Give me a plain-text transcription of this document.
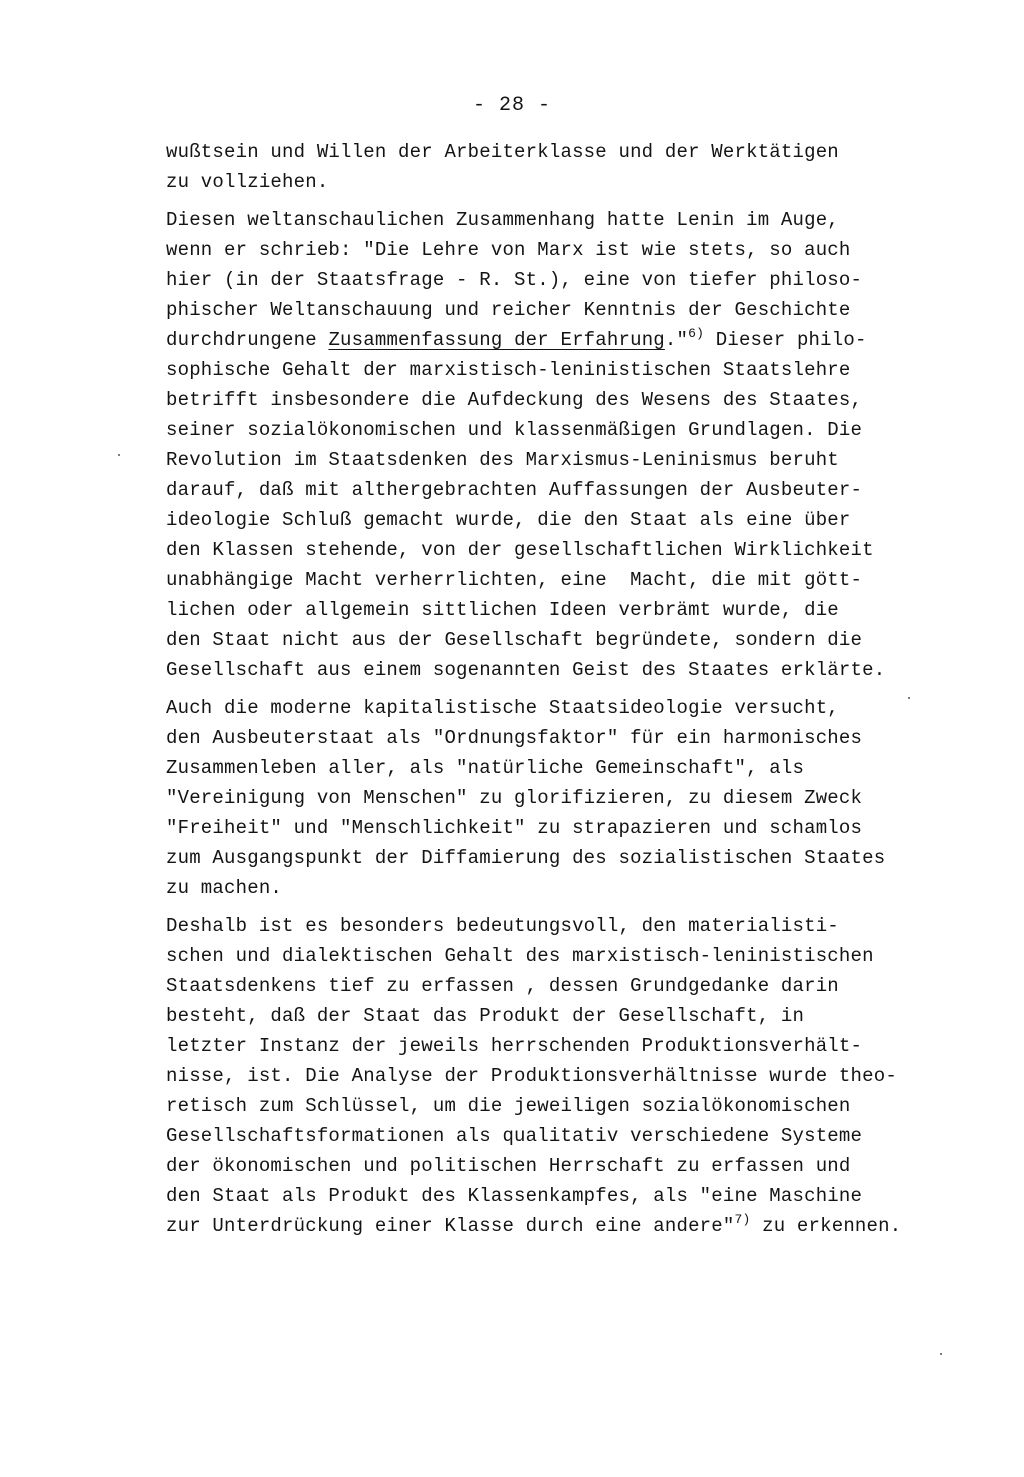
- 28 -

wußtsein und Willen der Arbeiterklasse und der Werktätigen
zu vollziehen.
Diesen weltanschaulichen Zusammenhang hatte Lenin im Auge,
wenn er schrieb: "Die Lehre von Marx ist wie stets, so auch
hier (in der Staatsfrage - R. St.), eine von tiefer philoso-
phischer Weltanschauung und reicher Kenntnis der Geschichte
durchdrungene Zusammenfassung der Erfahrung."$^{6)}$ Dieser philo-
sophische Gehalt der marxistisch-leninistischen Staatslehre
betrifft insbesondere die Aufdeckung des Wesens des Staates,
seiner sozialökonomischen und klassenmäßigen Grundlagen. Die
Revolution im Staatsdenken des Marxismus-Leninismus beruht
darauf, daß mit althergebrachten Auffassungen der Ausbeuter-
ideologie Schluß gemacht wurde, die den Staat als eine über
den Klassen stehende, von der gesellschaftlichen Wirklichkeit
unabhängige Macht verherrlichten, eine  Macht, die mit gött-
lichen oder allgemein sittlichen Ideen verbrämt wurde, die
den Staat nicht aus der Gesellschaft begründete, sondern die
Gesellschaft aus einem sogenannten Geist des Staates erklärte.
Auch die moderne kapitalistische Staatsideologie versucht,
den Ausbeuterstaat als "Ordnungsfaktor" für ein harmonisches
Zusammenleben aller, als "natürliche Gemeinschaft", als
"Vereinigung von Menschen" zu glorifizieren, zu diesem Zweck
"Freiheit" und "Menschlichkeit" zu strapazieren und schamlos
zum Ausgangspunkt der Diffamierung des sozialistischen Staates
zu machen.
Deshalb ist es besonders bedeutungsvoll, den materialisti-
schen und dialektischen Gehalt des marxistisch-leninistischen
Staatsdenkens tief zu erfassen , dessen Grundgedanke darin
besteht, daß der Staat das Produkt der Gesellschaft, in
letzter Instanz der jeweils herrschenden Produktionsverhält-
nisse, ist. Die Analyse der Produktionsverhältnisse wurde theo-
retisch zum Schlüssel, um die jeweiligen sozialökonomischen
Gesellschaftsformationen als qualitativ verschiedene Systeme
der ökonomischen und politischen Herrschaft zu erfassen und
den Staat als Produkt des Klassenkampfes, als "eine Maschine
zur Unterdrückung einer Klasse durch eine andere"$^{7)}$ zu erkennen.
